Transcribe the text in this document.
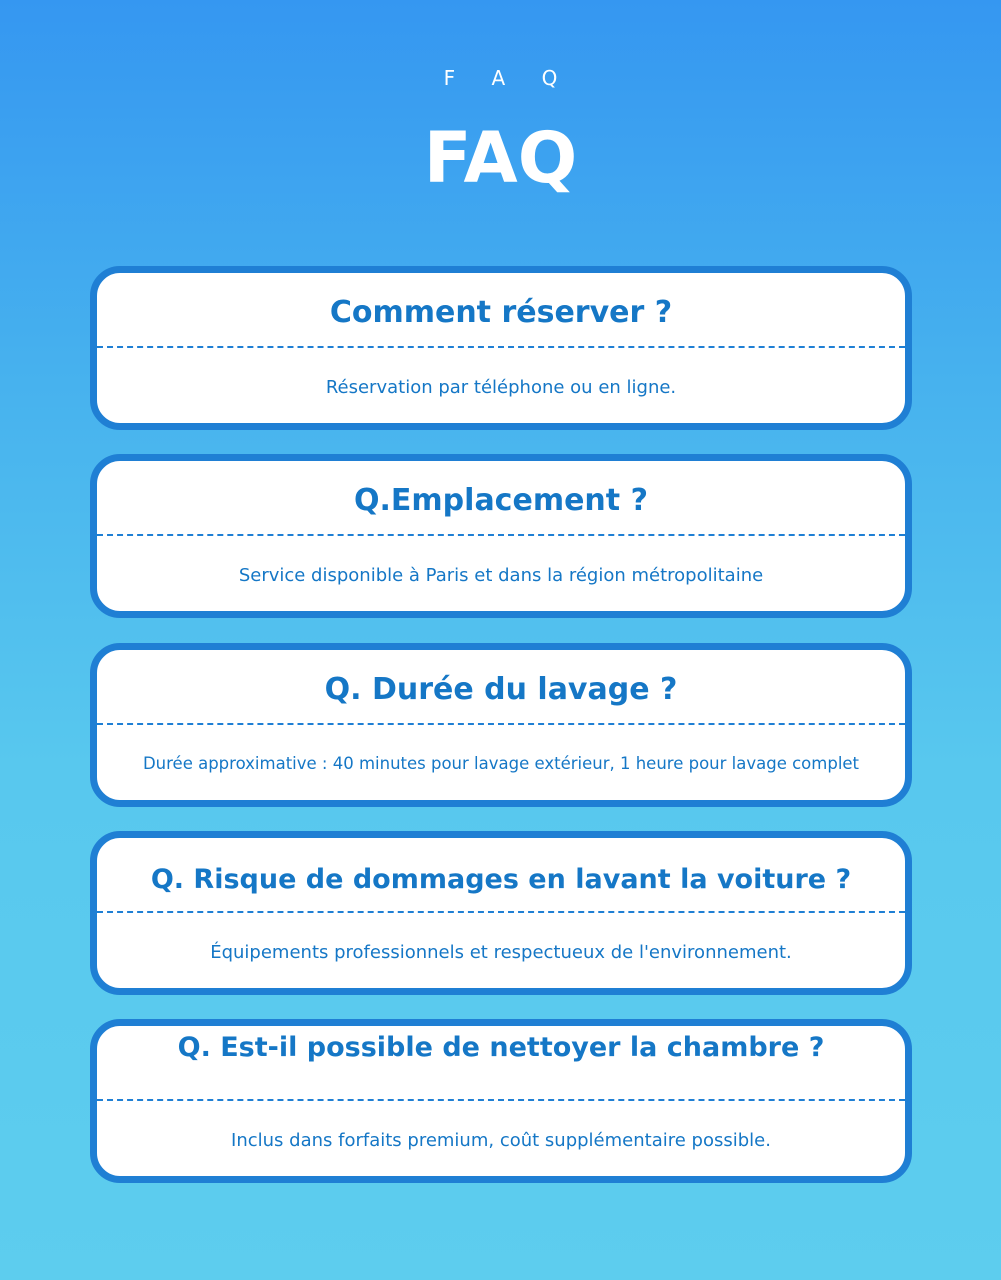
F A Q
FAQ
Comment réserver ?

Réservation par téléphone ou en ligne.

Q.Emplacement ?

Service disponible à Paris et dans la région métropolitaine

Q. Durée du lavage ?

Durée approximative : 40 minutes pour lavage extérieur, 1 heure pour lavage complet

Q. Risque de dommages en lavant la voiture ?

Équipements professionnels et respectueux de l'environnement.

Q. Est-il possible de nettoyer la chambre ?

Inclus dans forfaits premium, coût supplémentaire possible.
